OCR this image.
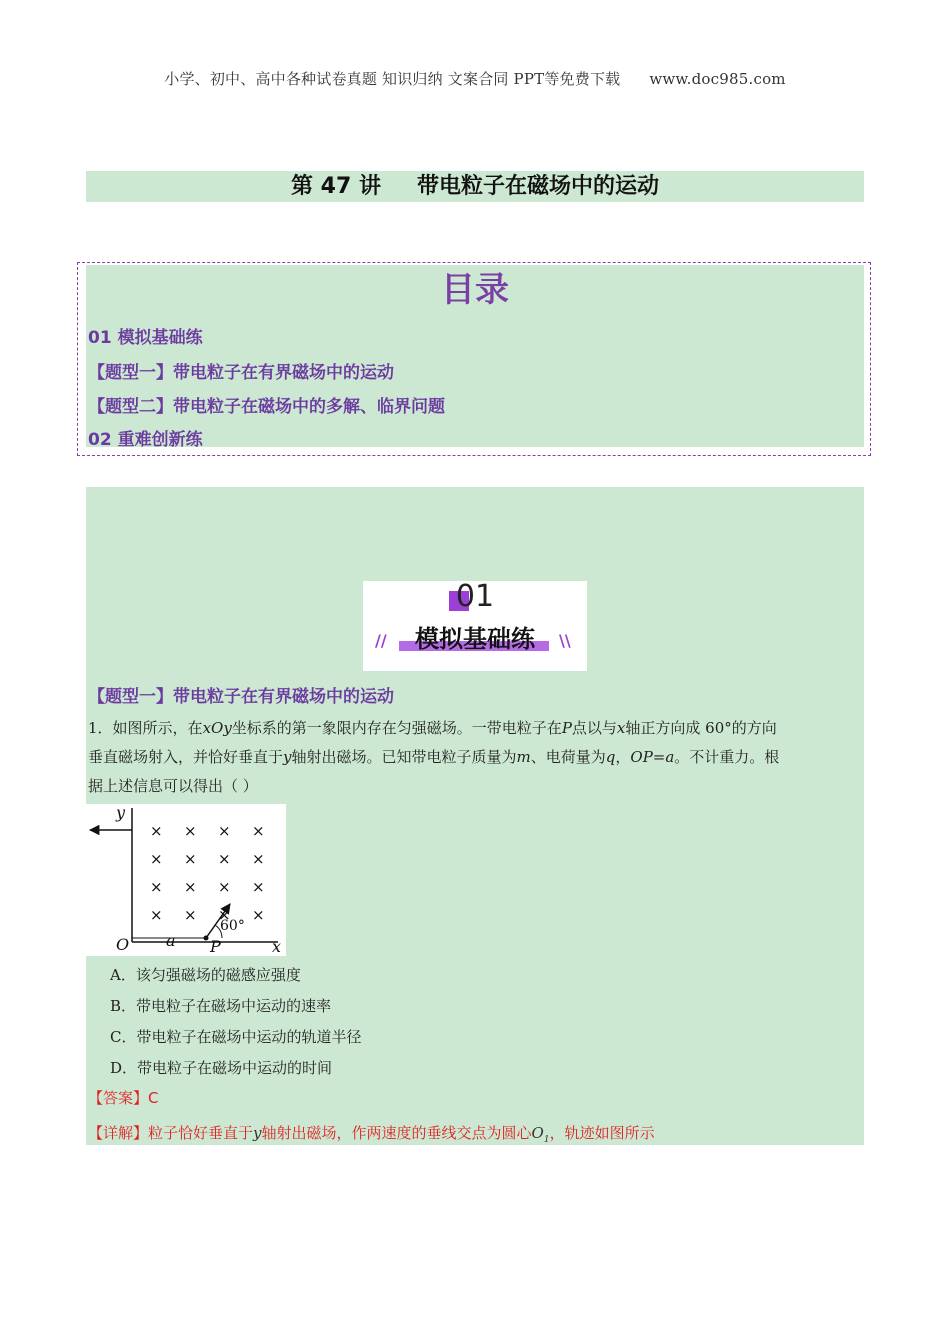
小学、初中、高中各种试卷真题 知识归纳 文案合同 PPT等免费下载 www.doc985.com
第 47 讲 带电粒子在磁场中的运动
目录
01 模拟基础练
【题型一】带电粒子在有界磁场中的运动
【题型二】带电粒子在磁场中的多解、临界问题
02 重难创新练
01
模拟基础练
//	\\
【题型一】带电粒子在有界磁场中的运动
1．如图所示，在xOy坐标系的第一象限内存在匀强磁场。一带电粒子在P点以与x轴正方向成 60°的方向
垂直磁场射入，并恰好垂直于y轴射出磁场。已知带电粒子质量为m、电荷量为q，OP=a。不计重力。根
据上述信息可以得出（ ）
× × × ×
× × × ×
× × × ×
× × × ×
y
x
O	P
a
60°
A．该匀强磁场的磁感应强度
B．带电粒子在磁场中运动的速率
C．带电粒子在磁场中运动的轨道半径
D．带电粒子在磁场中运动的时间
【答案】C
【详解】粒子恰好垂直于y轴射出磁场，作两速度的垂线交点为圆心$O_1$，轨迹如图所示
